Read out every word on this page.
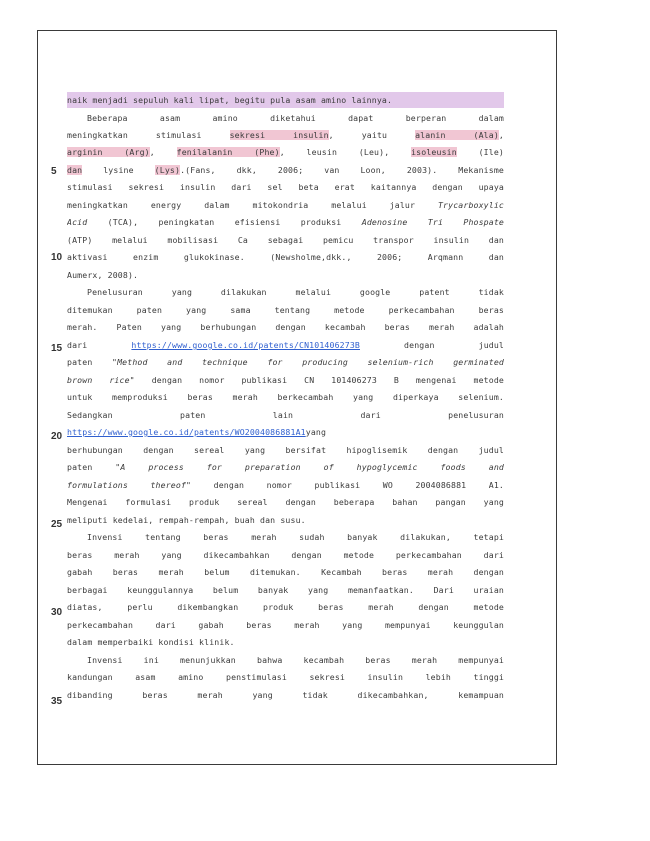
5
10
15
20
25
30
35
naik menjadi sepuluh kali lipat, begitu pula asam amino lainnya.
Beberapa asam amino diketahui dapat berperan dalam
meningkatkan stimulasi sekresi insulin, yaitu alanin (Ala),
arginin (Arg), fenilalanin (Phe), leusin (Leu), isoleusin (Ile)
dan lysine (Lys).(Fans, dkk, 2006; van Loon, 2003). Mekanisme
stimulasi sekresi insulin dari sel beta erat kaitannya dengan upaya
meningkatkan energy dalam mitokondria melalui jalur Trycarboxylic
Acid (TCA), peningkatan efisiensi produksi Adenosine Tri Phospate
(ATP) melalui mobilisasi Ca sebagai pemicu transpor insulin dan
aktivasi enzim glukokinase. (Newsholme,dkk., 2006; Arqmann dan
Aumerx, 2008).
Penelusuran yang dilakukan melalui google patent tidak
ditemukan paten yang sama tentang metode perkecambahan beras
merah. Paten yang berhubungan dengan kecambah beras merah adalah
dari https://www.google.co.id/patents/CN101406273B dengan judul
paten "Method and technique for producing selenium-rich germinated
brown rice" dengan nomor publikasi CN 101406273 B mengenai metode
untuk memproduksi beras merah berkecambah yang diperkaya selenium.
Sedangkan paten lain dari penelusuran
https://www.google.co.id/patents/WO2004086881A1yang
berhubungan dengan sereal yang bersifat hipoglisemik dengan judul
paten "A process for preparation of hypoglycemic foods and
formulations thereof" dengan nomor publikasi WO 2004086881 A1.
Mengenai formulasi produk sereal dengan beberapa bahan pangan yang
meliputi kedelai, rempah-rempah, buah dan susu.
Invensi tentang beras merah sudah banyak dilakukan, tetapi
beras merah yang dikecambahkan dengan metode perkecambahan dari
gabah beras merah belum ditemukan. Kecambah beras merah dengan
berbagai keunggulannya belum banyak yang memanfaatkan. Dari uraian
diatas, perlu dikembangkan produk beras merah dengan metode
perkecambahan dari gabah beras merah yang mempunyai keunggulan
dalam memperbaiki kondisi klinik.
Invensi ini menunjukkan bahwa kecambah beras merah mempunyai
kandungan asam amino penstimulasi sekresi insulin lebih tinggi
dibanding beras merah yang tidak dikecambahkan, kemampuan
